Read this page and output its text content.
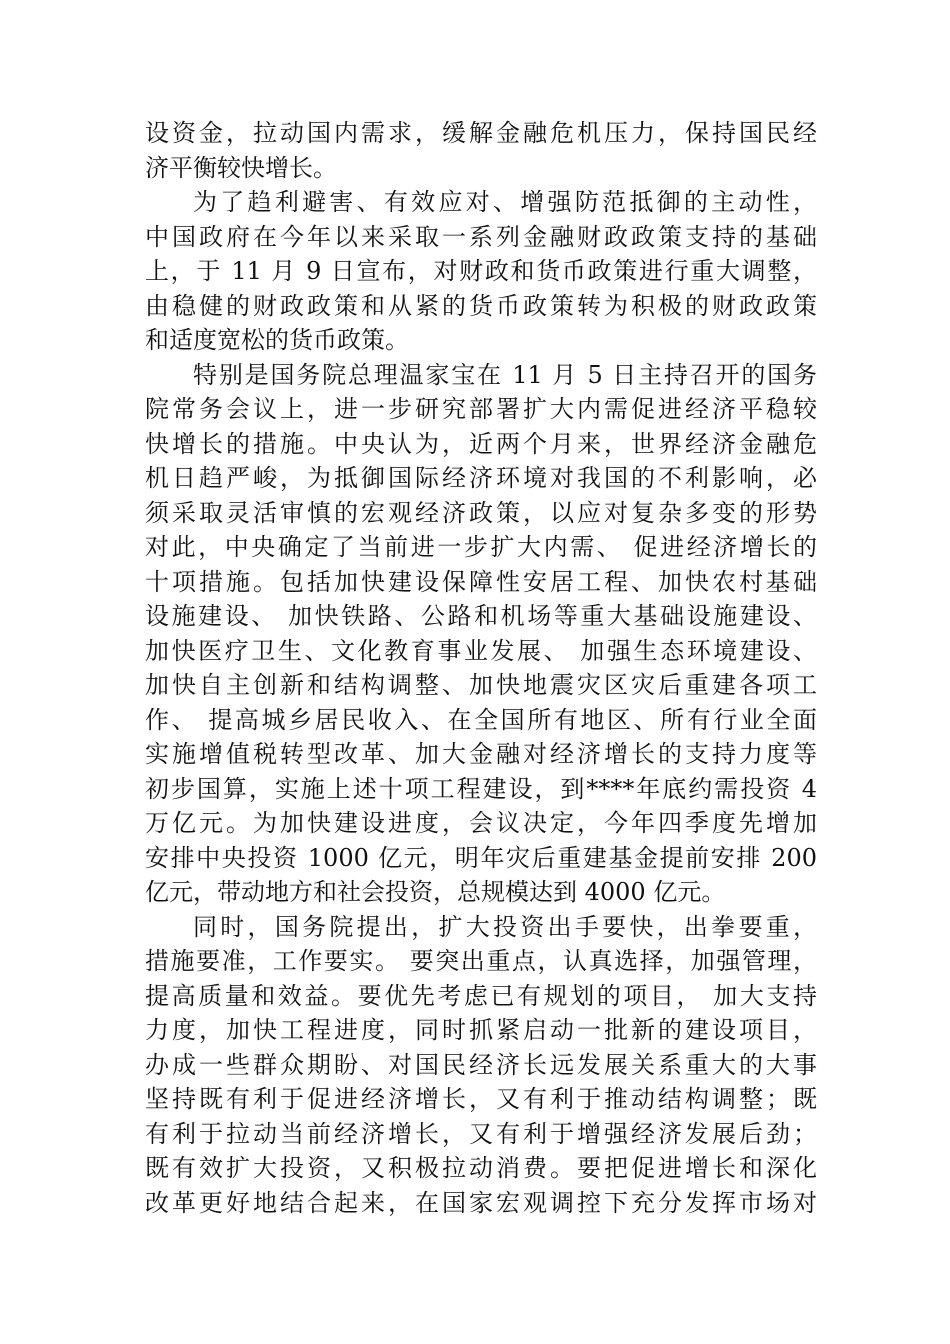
设资金，拉动国内需求，缓解金融危机压力，保持国民经
济平衡较快增长。
为了趋利避害、有效应对、增强防范抵御的主动性，
中国政府在今年以来采取一系列金融财政政策支持的基础
上，于 11 月 9 日宣布，对财政和货币政策进行重大调整，
由稳健的财政政策和从紧的货币政策转为积极的财政政策
和适度宽松的货币政策。
特别是国务院总理温家宝在 11 月 5 日主持召开的国务
院常务会议上，进一步研究部署扩大内需促进经济平稳较
快增长的措施。中央认为，近两个月来，世界经济金融危
机日趋严峻，为抵御国际经济环境对我国的不利影响，必
须采取灵活审慎的宏观经济政策，以应对复杂多变的形势
对此，中央确定了当前进一步扩大内需、 促进经济增长的
十项措施。包括加快建设保障性安居工程、加快农村基础
设施建设、 加快铁路、公路和机场等重大基础设施建设、
加快医疗卫生、文化教育事业发展、 加强生态环境建设、
加快自主创新和结构调整、加快地震灾区灾后重建各项工
作、 提高城乡居民收入、在全国所有地区、所有行业全面
实施增值税转型改革、加大金融对经济增长的支持力度等
初步国算，实施上述十项工程建设，到****年底约需投资 4
万亿元。为加快建设进度，会议决定，今年四季度先增加
安排中央投资 1000 亿元，明年灾后重建基金提前安排 200
亿元，带动地方和社会投资，总规模达到 4000 亿元。
同时，国务院提出，扩大投资出手要快，出拳要重，
措施要准，工作要实。 要突出重点，认真选择，加强管理，
提高质量和效益。要优先考虑已有规划的项目， 加大支持
力度，加快工程进度，同时抓紧启动一批新的建设项目，
办成一些群众期盼、对国民经济长远发展关系重大的大事
坚持既有利于促进经济增长，又有利于推动结构调整；既
有利于拉动当前经济增长，又有利于增强经济发展后劲；
既有效扩大投资，又积极拉动消费。要把促进增长和深化
改革更好地结合起来，在国家宏观调控下充分发挥市场对
